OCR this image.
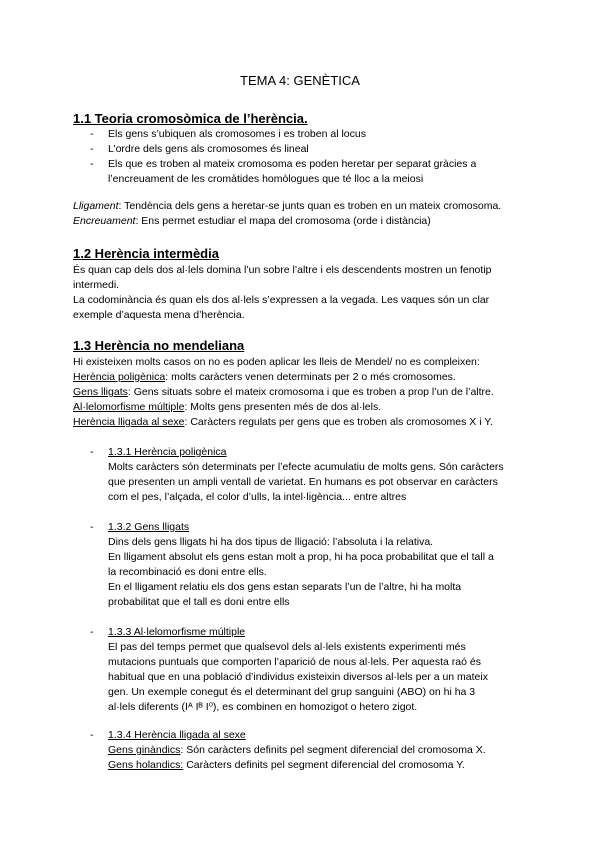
TEMA 4: GENÈTICA
1.1 Teoria cromosòmica de l’herència.
- Els gens s’ubiquen als cromosomes i es troben al locus
- L’ordre dels gens als cromosomes és lineal
- Els que es troben al mateix cromosoma es poden heretar per separat gràcies a
l’encreuament de les cromàtides homòlogues que té lloc a la meiosi
Lligament: Tendència dels gens a heretar-se junts quan es troben en un mateix cromosoma.
Encreuament: Ens permet estudiar el mapa del cromosoma (orde i distància)
1.2 Herència intermèdia
És quan cap dels dos al·lels domina l’un sobre l’altre i els descendents mostren un fenotip
intermedi.
La codominància és quan els dos al·lels s’expressen a la vegada. Les vaques són un clar
exemple d’aquesta mena d’herència.
1.3 Herència no mendeliana
Hi existeixen molts casos on no es poden aplicar les lleis de Mendel/ no es compleixen:
Herència poligènica: molts caràcters venen determinats per 2 o més cromosomes.
Gens lligats: Gens situats sobre el mateix cromosoma i que es troben a prop l’un de l’altre.
Al·lelomorfisme múltiple: Molts gens presenten més de dos al·lels.
Herència lligada al sexe: Caràcters regulats per gens que es troben als cromosomes X i Y.
- 1.3.1 Herència poligènica
Molts caràcters són determinats per l’efecte acumulatiu de molts gens. Són caràcters
que presenten un ampli ventall de varietat. En humans es pot observar en caràcters
com el pes, l’alçada, el color d’ulls, la intel·ligència... entre altres
- 1.3.2 Gens lligats
Dins dels gens lligats hi ha dos tipus de lligació: l’absoluta i la relativa.
En lligament absolut els gens estan molt a prop, hi ha poca probabilitat que el tall a
la recombinació es doni entre ells.
En el lligament relatiu els dos gens estan separats l’un de l’altre, hi ha molta
probabilitat que el tall es doni entre ells
- 1.3.3 Al·lelomorfisme múltiple
El pas del temps permet que qualsevol dels al·lels existents experimenti més
mutacions puntuals que comporten l’aparició de nous al·lels. Per aquesta raó és
habitual que en una població d’individus existeixin diversos al·lels per a un mateix
gen. Un exemple conegut és el determinant del grup sanguini (ABO) on hi ha 3
al·lels diferents (Iᴬ Iᴮ I⁰), es combinen en homozigot o hetero zigot.
- 1.3.4 Herència lligada al sexe
Gens ginàndics: Són caràcters definits pel segment diferencial del cromosoma X.
Gens holandics: Caràcters definits pel segment diferencial del cromosoma Y.
